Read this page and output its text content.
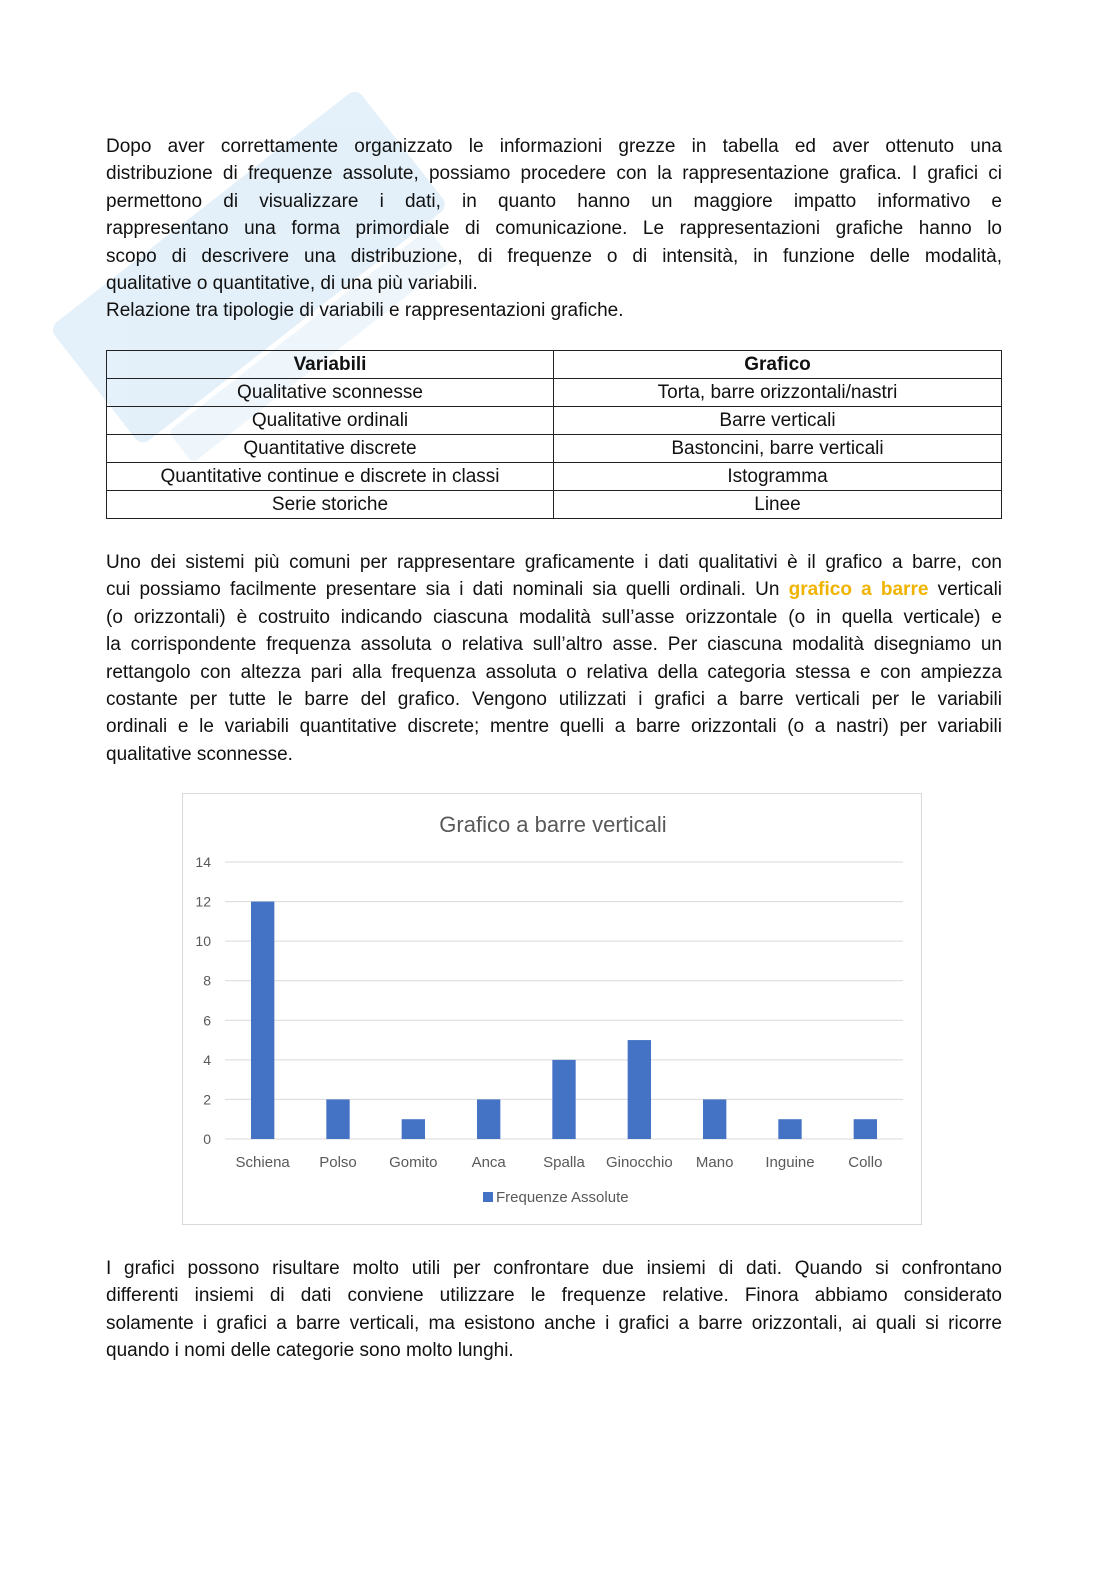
Dopo aver correttamente organizzato le informazioni grezze in tabella ed aver ottenuto una
distribuzione di frequenze assolute, possiamo procedere con la rappresentazione grafica. I grafici ci
permettono di visualizzare i dati, in quanto hanno un maggiore impatto informativo e
rappresentano una forma primordiale di comunicazione. Le rappresentazioni grafiche hanno lo
scopo di descrivere una distribuzione, di frequenze o di intensità, in funzione delle modalità,
qualitative o quantitative, di una più variabili.
Relazione tra tipologie di variabili e rappresentazioni grafiche.
Variabili	Grafico
Qualitative sconnesse	Torta, barre orizzontali/nastri
Qualitative ordinali	Barre verticali
Quantitative discrete	Bastoncini, barre verticali
Quantitative continue e discrete in classi	Istogramma
Serie storiche	Linee
Uno dei sistemi più comuni per rappresentare graficamente i dati qualitativi è il grafico a barre, con
cui possiamo facilmente presentare sia i dati nominali sia quelli ordinali. Un grafico a barre verticali
(o orizzontali) è costruito indicando ciascuna modalità sull’asse orizzontale (o in quella verticale) e
la corrispondente frequenza assoluta o relativa sull’altro asse. Per ciascuna modalità disegniamo un
rettangolo con altezza pari alla frequenza assoluta o relativa della categoria stessa e con ampiezza
costante per tutte le barre del grafico. Vengono utilizzati i grafici a barre verticali per le variabili
ordinali e le variabili quantitative discrete; mentre quelli a barre orizzontali (o a nastri) per variabili
qualitative sconnesse.
Grafico a barre verticali
0
2
4
6
8
10
12
14
Schiena Polso Gomito Anca Spalla Ginocchio Mano Inguine Collo
Frequenze Assolute
I grafici possono risultare molto utili per confrontare due insiemi di dati. Quando si confrontano
differenti insiemi di dati conviene utilizzare le frequenze relative. Finora abbiamo considerato
solamente i grafici a barre verticali, ma esistono anche i grafici a barre orizzontali, ai quali si ricorre
quando i nomi delle categorie sono molto lunghi.
